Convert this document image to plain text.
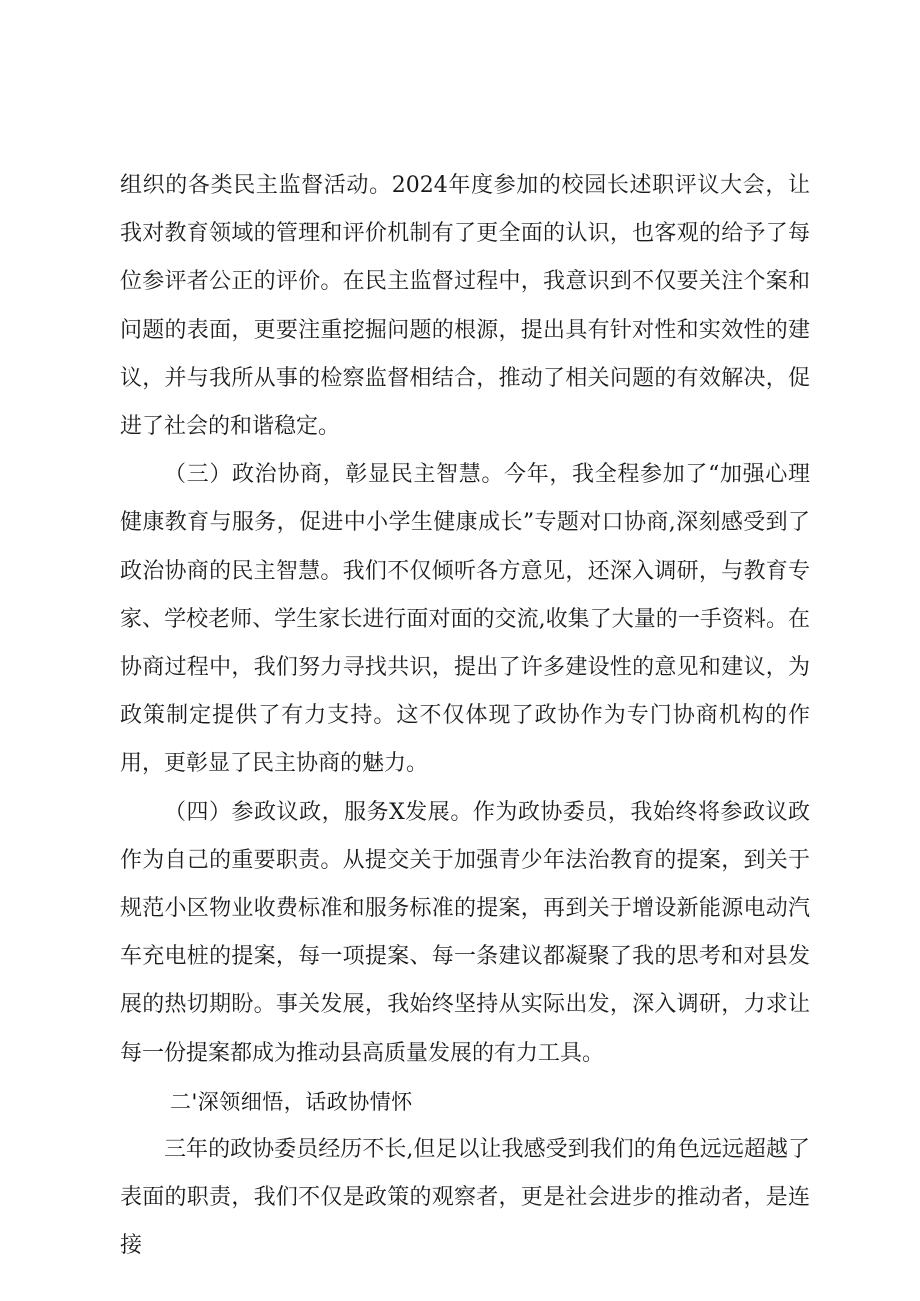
组织的各类民主监督活动。2024年度参加的校园长述职评议大会，让我对教育领域的管理和评价机制有了更全面的认识，也客观的给予了每位参评者公正的评价。在民主监督过程中，我意识到不仅要关注个案和问题的表面，更要注重挖掘问题的根源，提出具有针对性和实效性的建议，并与我所从事的检察监督相结合，推动了相关问题的有效解决，促进了社会的和谐稳定。

（三）政治协商，彰显民主智慧。今年，我全程参加了“加强心理健康教育与服务，促进中小学生健康成长”专题对口协商,深刻感受到了政治协商的民主智慧。我们不仅倾听各方意见，还深入调研，与教育专家、学校老师、学生家长进行面对面的交流,收集了大量的一手资料。在协商过程中，我们努力寻找共识，提出了许多建设性的意见和建议，为政策制定提供了有力支持。这不仅体现了政协作为专门协商机构的作用，更彰显了民主协商的魅力。

（四）参政议政，服务X发展。作为政协委员，我始终将参政议政作为自己的重要职责。从提交关于加强青少年法治教育的提案，到关于规范小区物业收费标准和服务标准的提案，再到关于增设新能源电动汽车充电桩的提案，每一项提案、每一条建议都凝聚了我的思考和对县发展的热切期盼。事关发展，我始终坚持从实际出发，深入调研，力求让每一份提案都成为推动县高质量发展的有力工具。

二'深领细悟，话政协情怀

三年的政协委员经历不长,但足以让我感受到我们的角色远远超越了表面的职责，我们不仅是政策的观察者，更是社会进步的推动者，是连接
